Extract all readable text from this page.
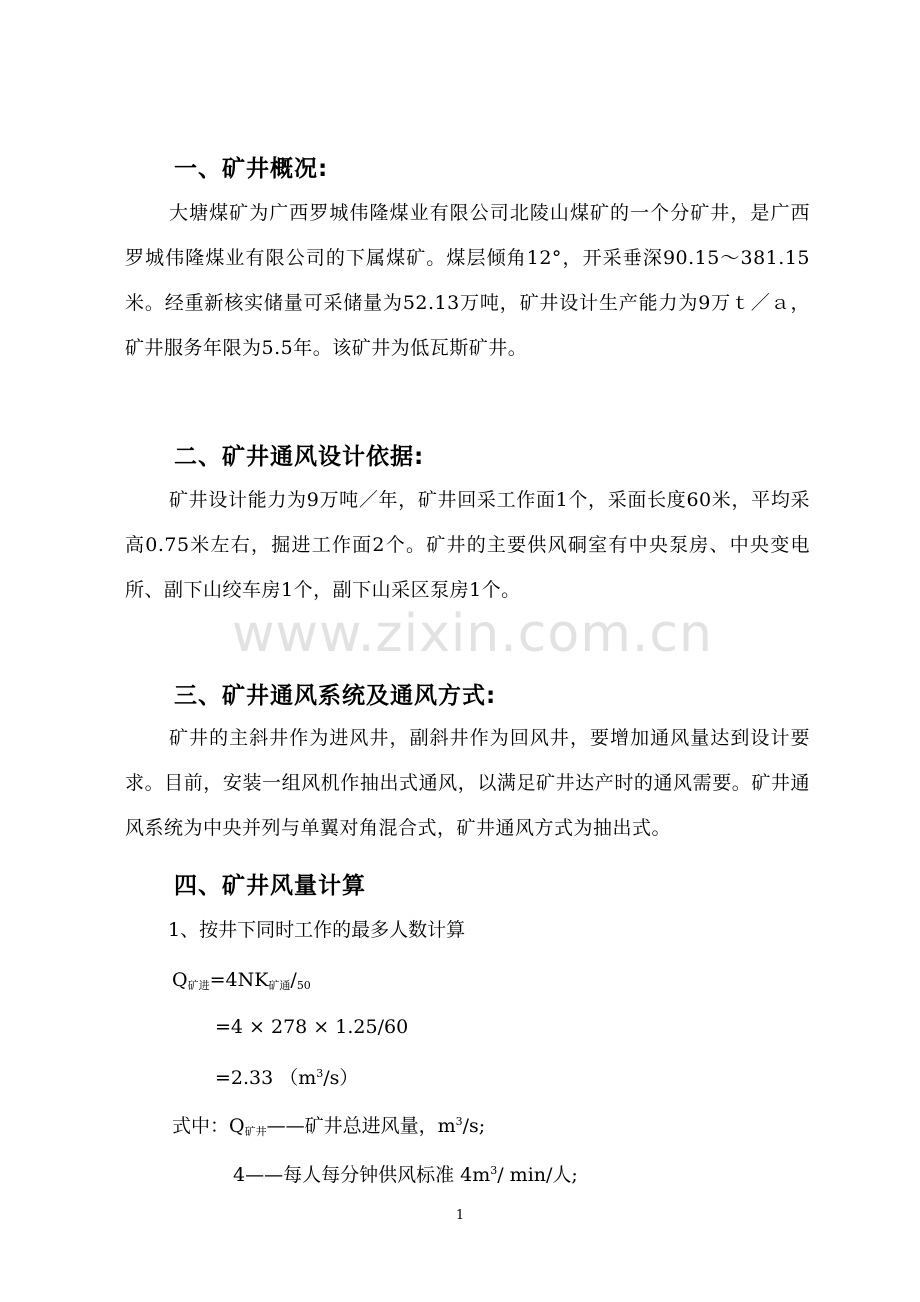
www.zixin.com.cn
一、矿井概况:
大塘煤矿为广西罗城伟隆煤业有限公司北陵山煤矿的一个分矿井，是广西罗城伟隆煤业有限公司的下属煤矿。煤层倾角12°，开采垂深90.15～381.15米。经重新核实储量可采储量为52.13万吨，矿井设计生产能力为9万ｔ／ａ，矿井服务年限为5.5年。该矿井为低瓦斯矿井。
二、矿井通风设计依据:
矿井设计能力为9万吨／年，矿井回采工作面1个，采面长度60米，平均采高0.75米左右，掘进工作面2个。矿井的主要供风硐室有中央泵房、中央变电所、副下山绞车房1个，副下山采区泵房1个。
三、矿井通风系统及通风方式:
矿井的主斜井作为进风井，副斜井作为回风井，要增加通风量达到设计要求。目前，安装一组风机作抽出式通风，以满足矿井达产时的通风需要。矿井通风系统为中央并列与单翼对角混合式，矿井通风方式为抽出式。
四、矿井风量计算
1、按井下同时工作的最多人数计算
$Q_{矿进}=4NK_{矿通}/_{50}$
=4 × 278 × 1.25/60
=2.33 $(m^3/s)$
式中：$Q_{矿井}——$矿井总进风量，$m^3/s$;
4——每人每分钟供风标准 $4m^3/$ min/人;
1
